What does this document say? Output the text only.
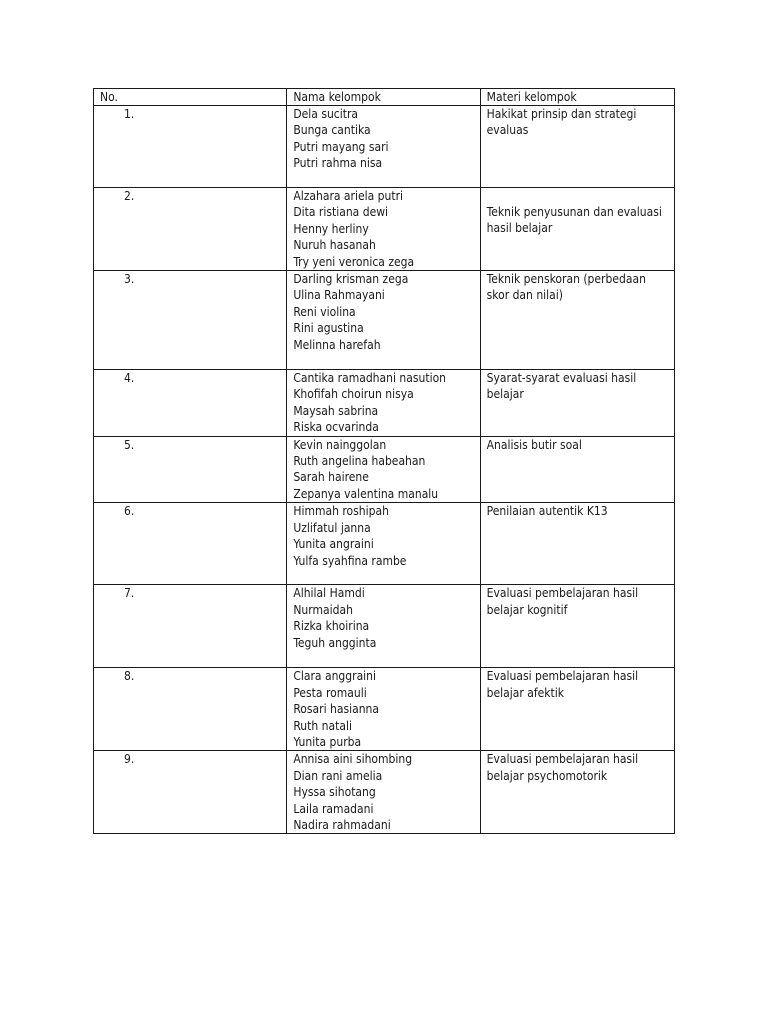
No.	Nama kelompok	Materi kelompok

1.	Dela sucitra
Bunga cantika
Putri mayang sari
Putri rahma nisa	Hakikat prinsip dan strategi evaluas

2.	Alzahara ariela putri
Dita ristiana dewi
Henny herliny
Nuruh hasanah
Try yeni veronica zega	Teknik penyusunan dan evaluasi hasil belajar

3.	Darling krisman zega
Ulina Rahmayani
Reni violina
Rini agustina
Melinna harefah	Teknik penskoran (perbedaan skor dan nilai)

4.	Cantika ramadhani nasution
Khofifah choirun nisya
Maysah sabrina
Riska ocvarinda	Syarat-syarat evaluasi hasil belajar

5.	Kevin nainggolan
Ruth angelina habeahan
Sarah hairene
Zepanya valentina manalu	Analisis butir soal

6.	Himmah roshipah
Uzlifatul janna
Yunita angraini
Yulfa syahfina rambe	Penilaian autentik K13

7.	Alhilal Hamdi
Nurmaidah
Rizka khoirina
Teguh angginta	Evaluasi pembelajaran hasil belajar kognitif

8.	Clara anggraini
Pesta romauli
Rosari hasianna
Ruth natali
Yunita purba	Evaluasi pembelajaran hasil belajar afektik

9.	Annisa aini sihombing
Dian rani amelia
Hyssa sihotang
Laila ramadani
Nadira rahmadani	Evaluasi pembelajaran hasil belajar psychomotorik
